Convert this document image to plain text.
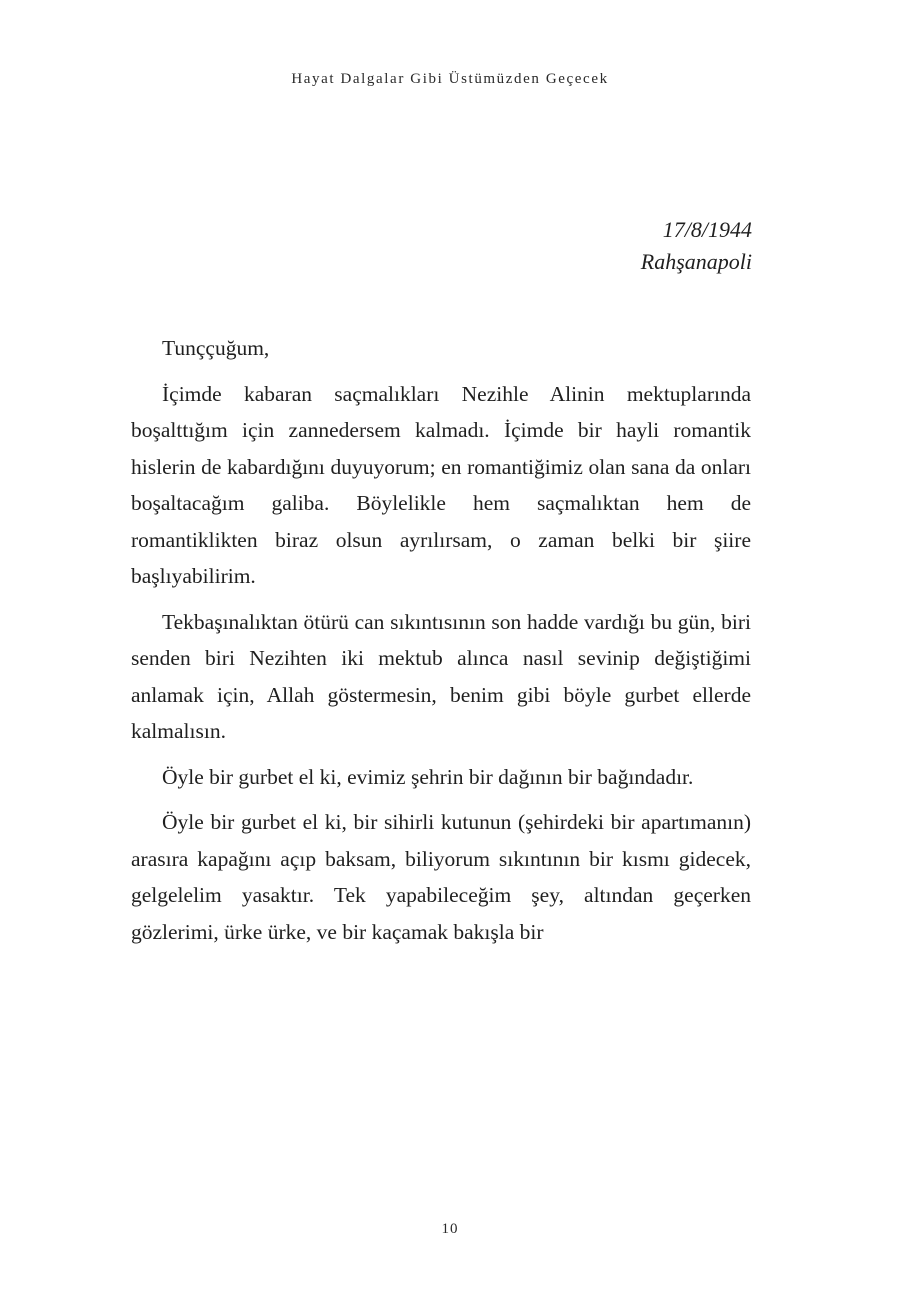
Hayat Dalgalar Gibi Üstümüzden Geçecek
17/8/1944
Rahşanapoli

Tunççuğum,

İçimde kabaran saçmalıkları Nezihle Alinin mektuplarında boşalttığım için zannedersem kalmadı. İçimde bir hayli romantik hislerin de kabardığını duyuyorum; en romantiğimiz olan sana da onları boşaltacağım galiba. Böylelikle hem saçmalıktan hem de romantiklikten biraz olsun ayrılırsam, o zaman belki bir şiire başlıyabilirim.

Tekbaşınalıktan ötürü can sıkıntısının son hadde vardığı bu gün, biri senden biri Nezihten iki mektub alınca nasıl sevinip değiştiğimi anlamak için, Allah göstermesin, benim gibi böyle gurbet ellerde kalmalısın.

Öyle bir gurbet el ki, evimiz şehrin bir dağının bir bağındadır.

Öyle bir gurbet el ki, bir sihirli kutunun (şehirdeki bir apartımanın) arasıra kapağını açıp baksam, biliyorum sıkıntının bir kısmı gidecek, gelgelelim yasaktır. Tek yapabileceğim şey, altından geçerken gözlerimi, ürke ürke, ve bir kaçamak bakışla bir

10
